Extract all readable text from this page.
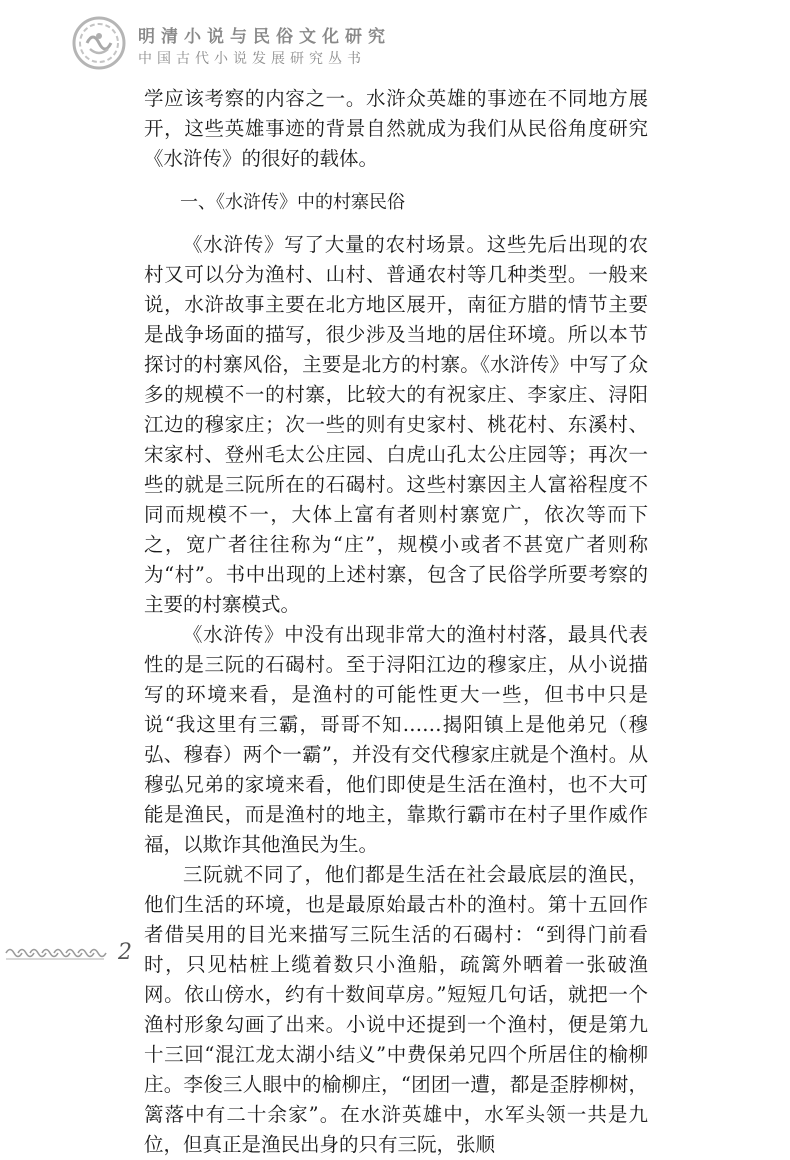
明清小说与民俗文化研究
中国古代小说发展研究丛书

学应该考察的内容之一。水浒众英雄的事迹在不同地方展开，这些英雄事迹的背景自然就成为我们从民俗角度研究《水浒传》的很好的载体。

一、《水浒传》中的村寨民俗

《水浒传》写了大量的农村场景。这些先后出现的农村又可以分为渔村、山村、普通农村等几种类型。一般来说，水浒故事主要在北方地区展开，南征方腊的情节主要是战争场面的描写，很少涉及当地的居住环境。所以本节探讨的村寨风俗，主要是北方的村寨。《水浒传》中写了众多的规模不一的村寨，比较大的有祝家庄、李家庄、浔阳江边的穆家庄；次一些的则有史家村、桃花村、东溪村、宋家村、登州毛太公庄园、白虎山孔太公庄园等；再次一些的就是三阮所在的石碣村。这些村寨因主人富裕程度不同而规模不一，大体上富有者则村寨宽广，依次等而下之，宽广者往往称为“庄”，规模小或者不甚宽广者则称为“村”。书中出现的上述村寨，包含了民俗学所要考察的主要的村寨模式。

《水浒传》中没有出现非常大的渔村村落，最具代表性的是三阮的石碣村。至于浔阳江边的穆家庄，从小说描写的环境来看，是渔村的可能性更大一些，但书中只是说“我这里有三霸，哥哥不知……揭阳镇上是他弟兄（穆弘、穆春）两个一霸”，并没有交代穆家庄就是个渔村。从穆弘兄弟的家境来看，他们即使是生活在渔村，也不大可能是渔民，而是渔村的地主，靠欺行霸市在村子里作威作福，以欺诈其他渔民为生。

三阮就不同了，他们都是生活在社会最底层的渔民，他们生活的环境，也是最原始最古朴的渔村。第十五回作者借吴用的目光来描写三阮生活的石碣村：“到得门前看时，只见枯桩上缆着数只小渔船，疏篱外晒着一张破渔网。依山傍水，约有十数间草房。”短短几句话，就把一个渔村形象勾画了出来。小说中还提到一个渔村，便是第九十三回“混江龙太湖小结义”中费保弟兄四个所居住的榆柳庄。李俊三人眼中的榆柳庄，“团团一遭，都是歪脖柳树，篱落中有二十余家”。在水浒英雄中，水军头领一共是九位，但真正是渔民出身的只有三阮，张顺

2
